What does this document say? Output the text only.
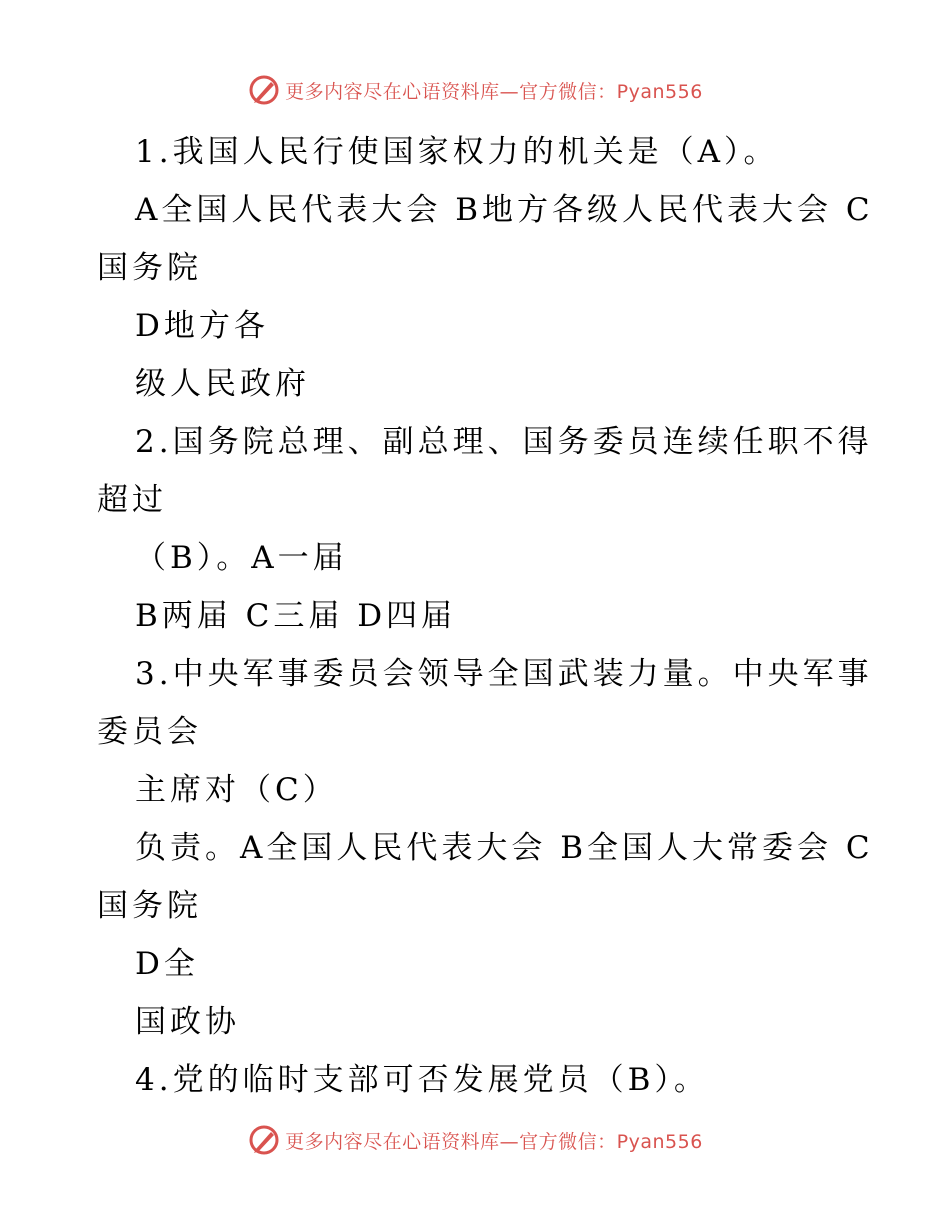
更多内容尽在心语资料库—官方微信：Pyan556
1.我国人民行使国家权力的机关是（A）。
A全国人民代表大会 B地方各级人民代表大会 C
国务院
D地方各
级人民政府
2.国务院总理、副总理、国务委员连续任职不得
超过
（B）。A一届
B两届 C三届 D四届
3.中央军事委员会领导全国武装力量。中央军事
委员会
主席对（C）
负责。A全国人民代表大会 B全国人大常委会 C
国务院
D全
国政协
4.党的临时支部可否发展党员（B）。
更多内容尽在心语资料库—官方微信：Pyan556
